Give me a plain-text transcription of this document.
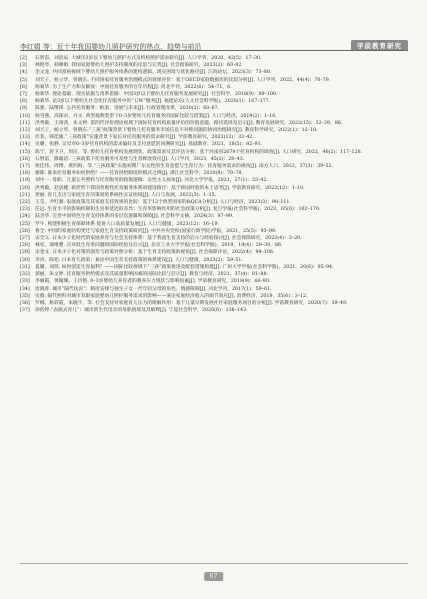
李红娟 等：近十年我国婴幼儿照护研究的热点、趋势与前沿	学前教育研究
[2]	石智雷，刘思辰. 大城市3岁以下婴幼儿照护方式及机构照护需求研究[J]. 人口学刊，2020，42(5)：17–30.
[3]	林艳琴，韩嫦娟. 我国家庭婴幼儿照护支持制度的反思与完善[J]. 社会政策研究，2023(2)：60–82.
[4]	金文龙. 共同富裕视域下婴幼儿照护服务体系的建构逻辑、现实困境与优化路径[J]. 江海论坛，2023(3)：73–80.
[5]	刘天子，杨立华，曾晓东. 不同国家托育服务治理模式的效果评价：基于OECD家庭数据库的比较分析[J]. 人口学刊，2022，44(4)：70–79.
[6]	杨菊华. 为了生产力和女解放：中国托育服务的百年历程[J]. 河北学刊，2022(6)：54–71，6.
[7]	杨菊华. 理论基础、现实依据与改革思路：中国3岁以下婴幼儿托育服务发展研究[J]. 社会科学，2018(9)：89–100.
[8]	杨菊华. 论3岁以下婴幼儿社会化托育服务中的“五W”服务[J]. 福建论坛(人文社会科学版)，2020(1)：167–177.
[9]	陈强，陆继锋. 公共托育服务：框架、进展与未来[J]. 行政管理改革，2020(2)：60–67.
[10]	杨雪燕，高琛卓，井文. 典型福利类型下0–3岁婴幼儿托育服务的国际比较与借鉴[J]. 人口与经济，2019(2)：1–16.
[11]	洪秀敏，王靖茜，朱文婷. 第四代评价理论视域下国际托育机构质量评价的价值意蕴、路径选择及启示[J]. 教育发展研究，2022(15)：32–39，86.
[12]	刘天子，杨立华，曾晓东.“三孩”政策背景下婴幼儿托育服务市场信息不对称问题的协同治理研究[J]. 教育科学研究，2022(1)：12–18.
[13]	但菲，韩佳媛.“三孩政策”实施背景下家长对托育服务的需求研究[J]. 学前教育研究，2022(12)：32–42.
[14]	史璐，张静. 父母对0–3岁托育机构的需求偏好及支付意愿的回溯研究[J]. 基础教育，2021，18(5)：82–91.
[15]	陈宁，蒋卫卫，周洁，等. 婴幼儿托育机构发展现状、政策需求及其评估分析：基于河南省2679个托育机构的调查[J]. 人口研究，2022，46(2)：117–128.
[16]	石智雷，滕聪洁. 三孩政策下托育服务可及性与生育释放效应[J]. 人口学刊，2023，45(2)：28–43.
[17]	侯佳伟，周博，黄四海，等.“三孩政策”实施初期广东女性的生育意愿与生育行为：托育服务需求的视角[J]. 南方人口，2022，37(3)：39–52.
[18]	谢郁. 谁来托育服务如何供给？——托育供给制度的模式之辨[J]. 浙江社会科学，2020(9)：70–78.
[19]	刘中一. 母职、儿童公共照料与托育服务的政策逻辑：女性主义视角[J]. 河北大学学报，2021，27(1)：33–42.
[20]	洪秀敏，赵思婕. 新形势下我国普惠性托育服务体系的建设路径：基于韩国经验的本土思考[J]. 学前教育研究，2022(12)：1–10.
[21]	贾丽. 育儿支出与家庭生育决策间的系统性实证困境[J]. 人口与发展，2022(3)：1–15.
[22]	王莹，尹红强. 家庭政策及其家庭支持效果的比较：基于12个典型国家的fsQCA分析[J]. 人口与经济，2023(3)：98–111.
[23]	任远. 生育水平的影响机制和生育率延迟的差异：生育率影响作用的社会政策分析[J]. 复旦学报(社会科学版)，2023，65(6)：162–170.
[24]	陆杰华. 完善中国特色生育支持体系的多层次逻辑和保障[J]. 社会科学文摘，2024(3)：97–99.
[25]	罗牛. 构建积极生育保障体系 促进人口高质量发展[J]. 人口与健康，2023(12)：16–19.
[26]	鲁全. 中国的家庭结构变迁与家庭生育支持政策研究[J]. 中共中央党校(国家行政学院)学报，2021，25(5)：93–99.
[27]	宋全义. 日本少子化时代的家庭养育与社会支持体系：基于我国生育支持的启示与经验探讨[J]. 社会保障研究，2022(4)：3–20.
[28]	林家，蒲维楚. 应对低生育率问题的国际经验及启示[J]. 北京工业大学学报(社会科学版)，2019，19(4)：29–39，86.
[29]	宋金文. 日本少子化对策的演变与政策对照分析：基于生育支持政策的视角[J]. 社会保障评论，2022(4)：94–106.
[30]	李涛，陈旭. 日本育儿政策：兼论中国生育支持政策的体系建设[J]. 人口与健康，2023(2)：59–51.
[31]	夏璐，刘茜. 如何创造生育福利？——国际比较视域下“三孩”政策推进及配套措施构建[J]. 广州大学学报(社会科学版)，2021，20(6)：85–94.
[32]	郭丽，朱文婷. 托育服务供给模式及其质量影响因素的国际比较与启示[J]. 教育与经济，2021，37(4)：81–88.
[33]	李丽霞，黄翰珊，王玲艳. 0–3岁婴幼儿养育者的教养压力现状与影响因素[J]. 学前教育研究，2019(9)：68–80.
[34]	唐晓菁. 城市“隔代抚育”：制度安排与独生子女一代年轻父母的角色、情感限制[J]. 河北学刊，2017(1)：59–61.
[35]	史薇. 隔代照料对城市双职家庭婴幼儿照护服务需求的影响——兼论家庭经济收入的调节效应[J]. 消费经济，2019，35(6)：3–12.
[36]	罗娜，杨彩霞，朱晓宇，等. 社会支持对家庭育儿压力的缓解作用：基于儿童早期发展社区家庭服务项目的分析[J]. 学前教育研究，2020(7)：39–49.
[37]	徐依婷.“表演式育儿”：城市新生代母亲的母职困境及其解释[J]. 宁夏社会科学，2020(6)：136–143.
67
